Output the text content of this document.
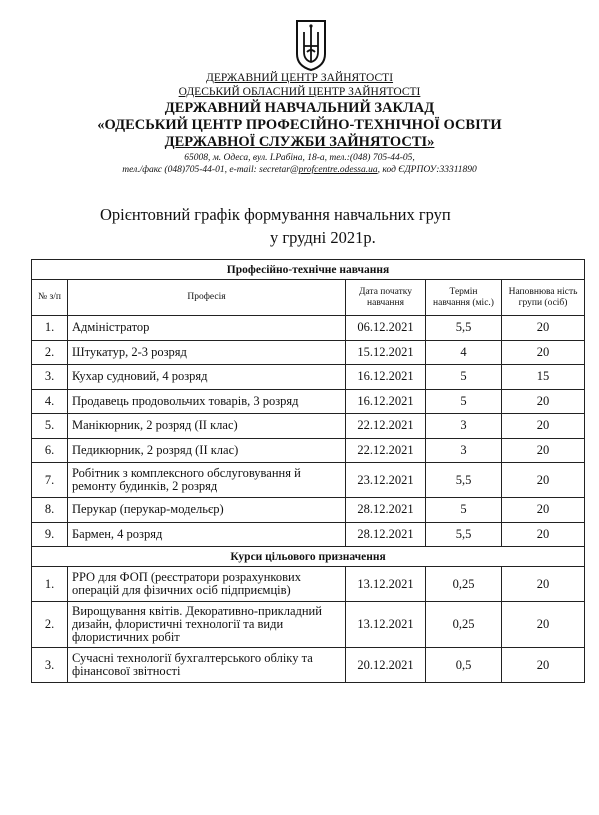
ДЕРЖАВНИЙ ЦЕНТР ЗАЙНЯТОСТІ
ОДЕСЬКИЙ ОБЛАСНИЙ ЦЕНТР ЗАЙНЯТОСТІ
ДЕРЖАВНИЙ НАВЧАЛЬНИЙ ЗАКЛАД
«ОДЕСЬКИЙ ЦЕНТР ПРОФЕСІЙНО-ТЕХНІЧНОЇ ОСВІТИ
ДЕРЖАВНОЇ СЛУЖБИ ЗАЙНЯТОСТІ»
65008, м. Одеса, вул. І.Рабіна, 18-а, тел.:(048) 705-44-05,
тел./факс (048)705-44-01, e-mail: secretar@profcentre.odessa.ua, код ЄДРПОУ:33311890
Орієнтовний графік формування навчальних груп
у грудні 2021р.
Професійно-технічне навчання				
№ з/п	Професія	Дата початку навчання	Термін навчання (міс.)	Наповнюва ність групи (осіб)
1.	Адміністратор	06.12.2021	5,5	20
2.	Штукатур, 2-3 розряд	15.12.2021	4	20
3.	Кухар судновий, 4 розряд	16.12.2021	5	15
4.	Продавець продовольчих товарів, 3 розряд	16.12.2021	5	20
5.	Манікюрник, 2 розряд (ІІ клас)	22.12.2021	3	20
6.	Педикюрник, 2 розряд (ІІ клас)	22.12.2021	3	20
7.	Робітник з комплексного обслуговування й ремонту будинків, 2 розряд	23.12.2021	5,5	20
8.	Перукар (перукар-модельєр)	28.12.2021	5	20
9.	Бармен, 4 розряд	28.12.2021	5,5	20
Курси цільового призначення				
1.	РРО для ФОП (реєстратори розрахункових операцій для фізичних осіб підприємців)	13.12.2021	0,25	20
2.	Вирощування квітів. Декоративно-прикладний дизайн, флористичні технології та види флористичних робіт	13.12.2021	0,25	20
3.	Сучасні технології бухгалтерського обліку та фінансової звітності	20.12.2021	0,5	20
